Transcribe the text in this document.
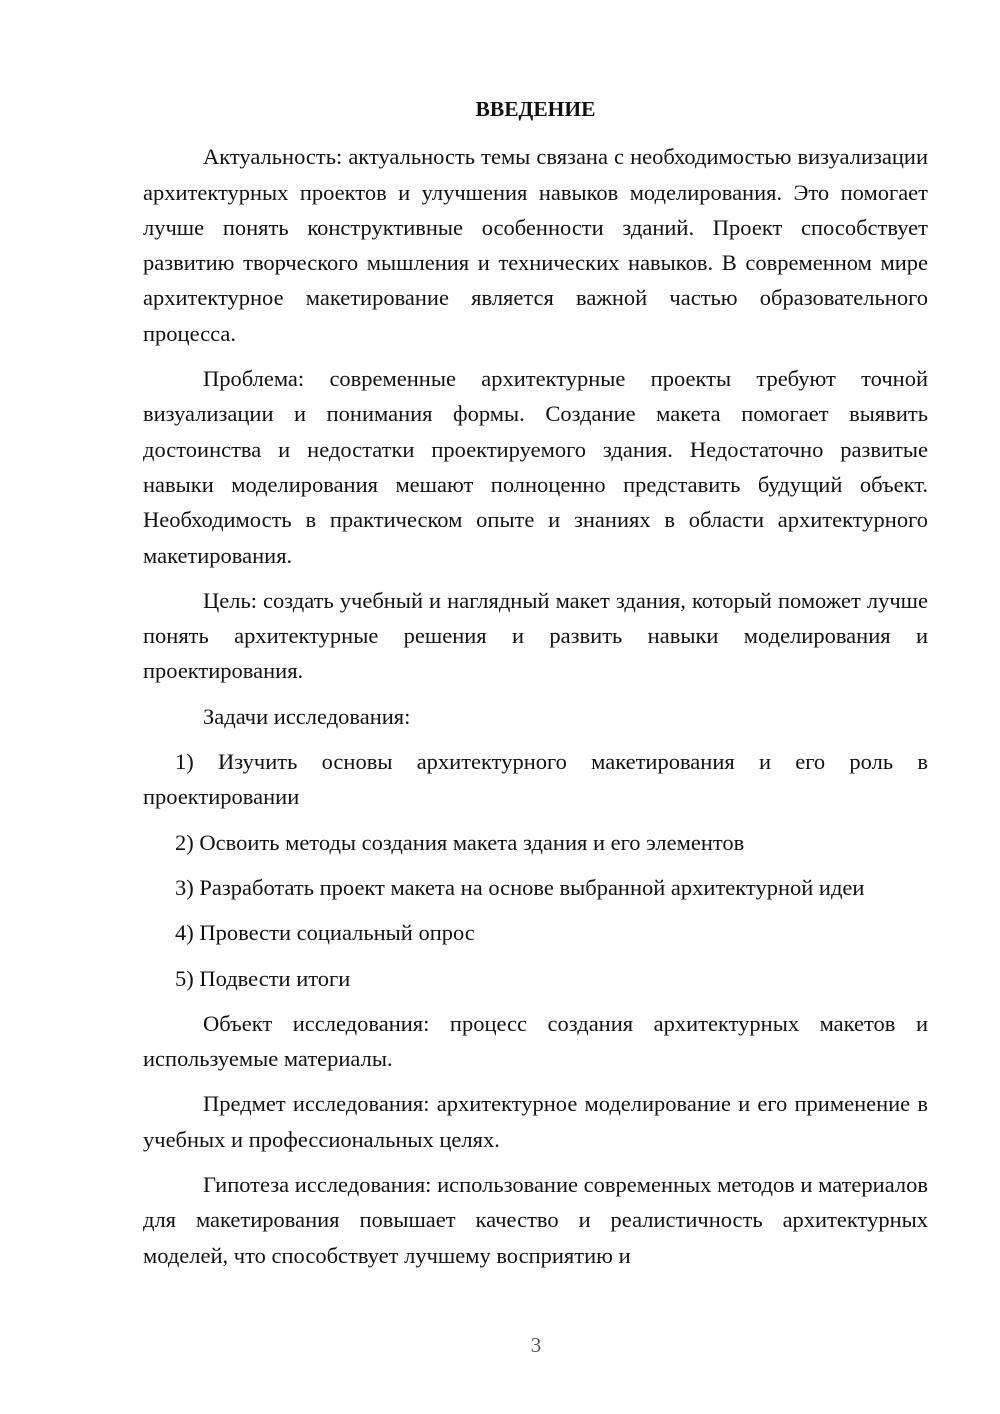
ВВЕДЕНИЕ

Актуальность: актуальность темы связана с необходимостью визуализации архитектурных проектов и улучшения навыков моделирования. Это помогает лучше понять конструктивные особенности зданий. Проект способствует развитию творческого мышления и технических навыков. В современном мире архитектурное макетирование является важной частью образовательного процесса.

Проблема: современные архитектурные проекты требуют точной визуализации и понимания формы. Создание макета помогает выявить достоинства и недостатки проектируемого здания. Недостаточно развитые навыки моделирования мешают полноценно представить будущий объект. Необходимость в практическом опыте и знаниях в области архитектурного макетирования.

Цель: создать учебный и наглядный макет здания, который поможет лучше понять архитектурные решения и развить навыки моделирования и проектирования.

Задачи исследования:

1) Изучить основы архитектурного макетирования и его роль в проектировании

2) Освоить методы создания макета здания и его элементов

3) Разработать проект макета на основе выбранной архитектурной идеи

4) Провести социальный опрос

5) Подвести итоги

Объект исследования: процесс создания архитектурных макетов и используемые материалы.

Предмет исследования: архитектурное моделирование и его применение в учебных и профессиональных целях.

Гипотеза исследования: использование современных методов и материалов для макетирования повышает качество и реалистичность архитектурных моделей, что способствует лучшему восприятию и

3
